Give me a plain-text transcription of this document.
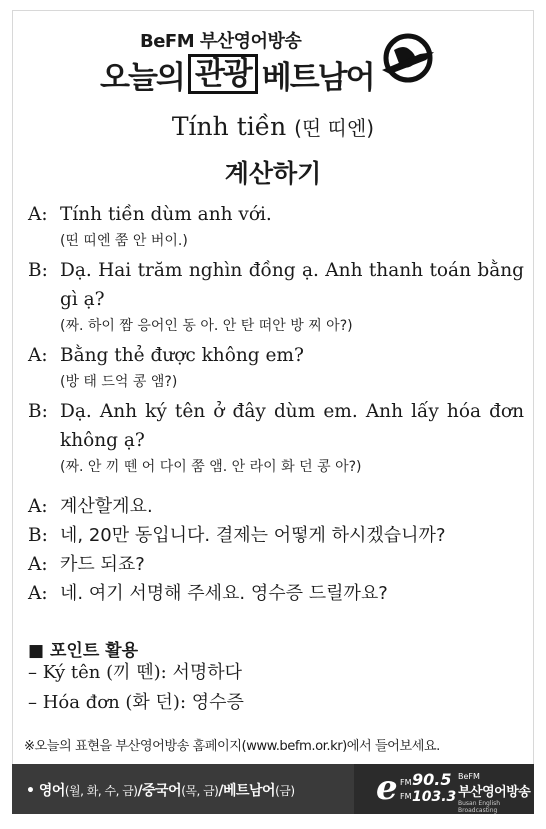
BeFM 부산영어방송
오늘의 관광 베트남어
Tính tiền (띤 띠엔)
계산하기
A: Tính tiền dùm anh với.
(띤 띠엔 쭘 안 버이.)
B: Dạ. Hai trăm nghìn đồng ạ. Anh thanh toán bằng gì ạ?
(짜. 하이 짬 응어인 동 아. 안 탄 떠안 방 찌 아?)
A: Bằng thẻ được không em?
(방 태 드억 콩 앰?)
B: Dạ. Anh ký tên ở đây dùm em. Anh lấy hóa đơn không ạ?
(짜. 안 끼 뗀 어 다이 쭘 앰. 안 라이 화 던 콩 아?)
A: 계산할게요.
B: 네, 20만 동입니다. 결제는 어떻게 하시겠습니까?
A: 카드 되죠?
A: 네. 여기 서명해 주세요. 영수증 드릴까요?
■ 포인트 활용
– Ký tên (끼 뗀): 서명하다
– Hóa đơn (화 던): 영수증
※오늘의 표현을 부산영어방송 홈페이지(www.befm.or.kr)에서 들어보세요.
• 영어(월, 화, 수, 금)/중국어(목, 금)/베트남어(금) e FM
FM
90.5
103.3
BeFM
부산영어방송
Busan English Broadcasting
